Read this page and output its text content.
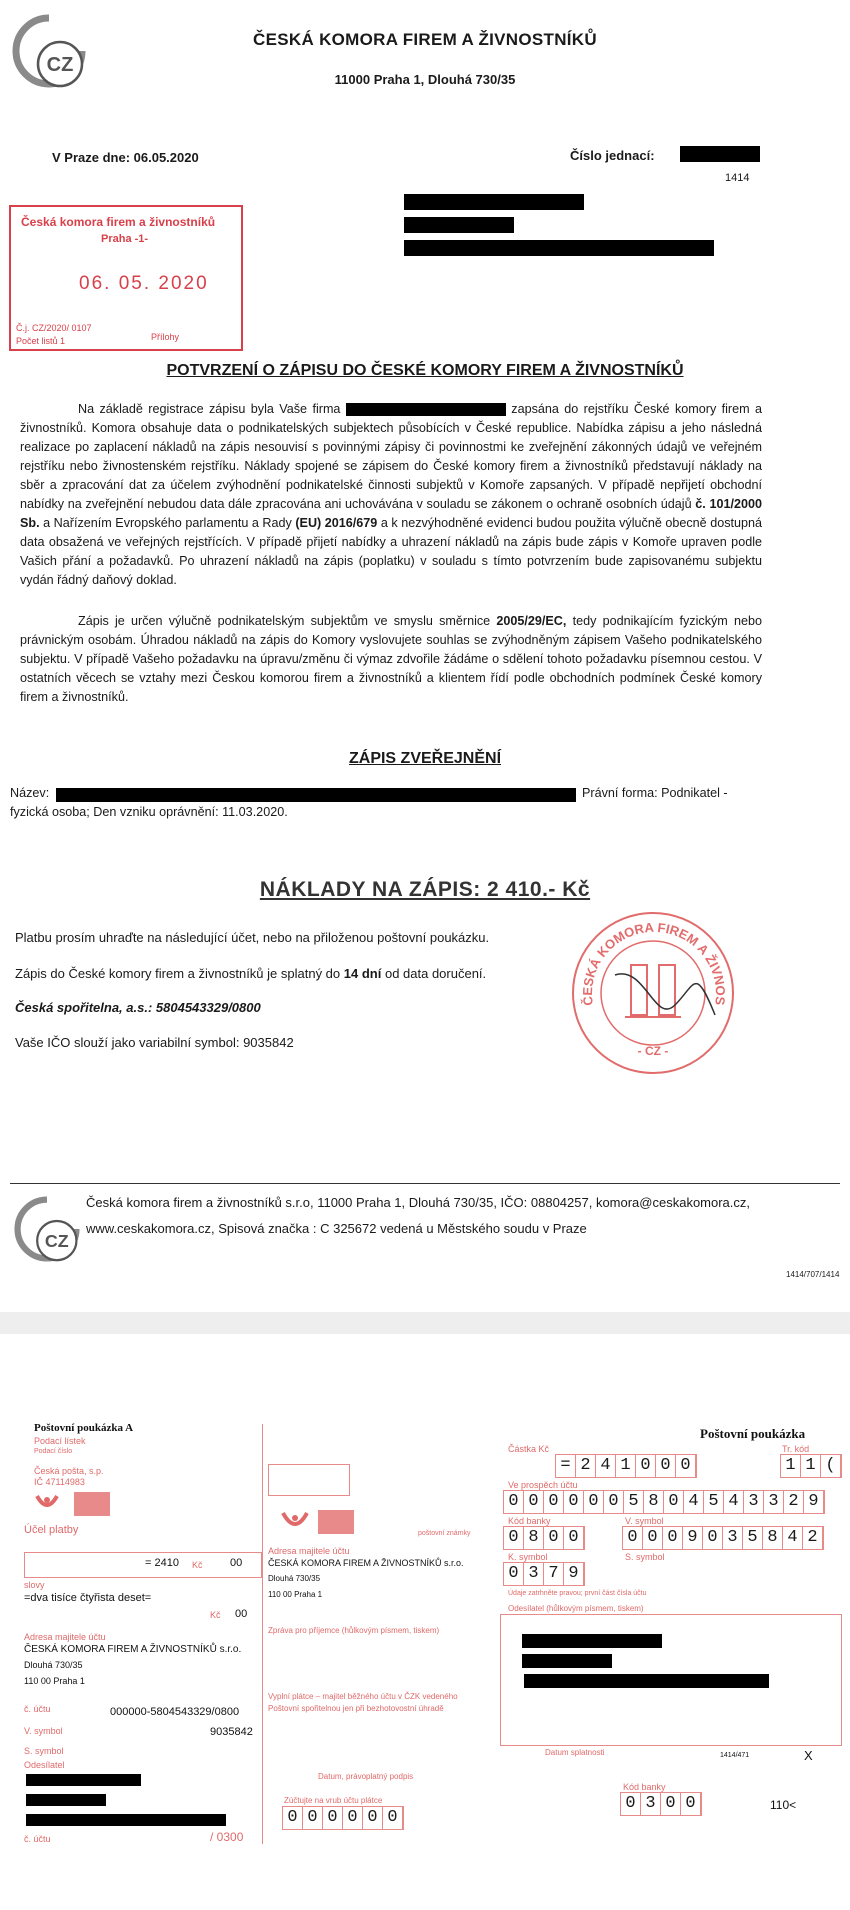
CZ
ČESKÁ KOMORA FIREM A ŽIVNOSTNÍKŮ
11000 Praha 1, Dlouhá 730/35
V Praze dne: 06.05.2020	Číslo jednací:
1414
Česká komora firem a živnostníků
Praha -1-
06. 05. 2020
Č.j. CZ/2020/ 0107
Počet listů 1	Přílohy
POTVRZENÍ O ZÁPISU DO ČESKÉ KOMORY FIREM A ŽIVNOSTNÍKŮ

Na základě registrace zápisu byla Vaše firma	zapsána do rejstříku České komory firem a živnostníků. Komora obsahuje data o podnikatelských subjektech působících v České republice. Nabídka zápisu a jeho následná realizace po zaplacení nákladů na zápis nesouvisí s povinnými zápisy či povinnostmi ke zveřejnění zákonných údajů ve veřejném rejstříku nebo živnostenském rejstříku. Náklady spojené se zápisem do České komory firem a živnostníků představují náklady na sběr a zpracování dat za účelem zvýhodnění podnikatelské činnosti subjektů v Komoře zapsaných. V případě nepřijetí obchodní nabídky na zveřejnění nebudou data dále zpracována ani uchovávána v souladu se zákonem o ochraně osobních údajů č. 101/2000 Sb. a Nařízením Evropského parlamentu a Rady (EU) 2016/679 a k nezvýhodněné evidenci budou použita výlučně obecně dostupná data obsažená ve veřejných rejstřících. V případě přijetí nabídky a uhrazení nákladů na zápis bude zápis v Komoře upraven podle Vašich přání a požadavků. Po uhrazení nákladů na zápis (poplatku) v souladu s tímto potvrzením bude zapisovanému subjektu vydán řádný daňový doklad.

Zápis je určen výlučně podnikatelským subjektům ve smyslu směrnice 2005/29/EC, tedy podnikajícím fyzickým nebo právnickým osobám. Úhradou nákladů na zápis do Komory vyslovujete souhlas se zvýhodněným zápisem Vašeho podnikatelského subjektu. V případě Vašeho požadavku na úpravu/změnu či výmaz zdvořile žádáme o sdělení tohoto požadavku písemnou cestou. V ostatních věcech se vztahy mezi Českou komorou firem a živnostníků a klientem řídí podle obchodních podmínek České komory firem a živnostníků.

ZÁPIS ZVEŘEJNĚNÍ
Název:	Právní forma: Podnikatel -
fyzická osoba; Den vzniku oprávnění: 11.03.2020.
NÁKLADY NA ZÁPIS: 2 410.- Kč
Platbu prosím uhraďte na následující účet, nebo na přiloženou poštovní poukázku.
Zápis do České komory firem a živnostníků je splatný do 14 dní od data doručení.
Česká spořitelna, a.s.: 5804543329/0800
Vaše IČO slouží jako variabilní symbol: 9035842
ČESKÁ KOMORA FIREM A ŽIVNOS
- CZ -
CZ
Česká komora firem a živnostníků s.r.o, 11000 Praha 1, Dlouhá 730/35, IČO: 08804257, komora@ceskakomora.cz, www.ceskakomora.cz, Spisová značka : C 325672 vedená u Městského soudu v Praze
1414/707/1414
Poštovní poukázka A
Podací lístek
Podací číslo
Česká pošta, s.p.
IČ 47114983
Účel platby
= 2410 Kč 00
slovy
=dva tisíce čtyřista deset=
Kč 00
Adresa majitele účtu
ČESKÁ KOMORA FIREM A ŽIVNOSTNÍKŮ s.r.o.
Dlouhá 730/35
110 00 Praha 1
č. účtu	000000-5804543329/0800
V. symbol	9035842
S. symbol
Odesílatel
č. účtu	/ 0300
poštovní známky
Adresa majitele účtu
ČESKÁ KOMORA FIREM A ŽIVNOSTNÍKŮ s.r.o.
Dlouhá 730/35
110 00 Praha 1
Zpráva pro příjemce (hůlkovým písmem, tiskem)
Vyplní plátce – majitel běžného účtu v ČZK vedeného
Poštovní spořitelnou jen při bezhotovostní úhradě
Datum, právoplatný podpis
Zúčtujte na vrub účtu plátce
0 0 0 0 0 0
Poštovní poukázka
Částka Kč	Tr. kód
= 2 4 1 0 0 0	1 1 (
Ve prospěch účtu
0 0 0 0 0 0 5 8 0 4 5 4 3 3 2 9
Kód banky	V. symbol
0 8 0 0	0 0 0 9 0 3 5 8 4 2
K. symbol	S. symbol
0 3 7 9
Údaje zatrhněte pravou; první část čísla účtu
Odesílatel (hůlkovým písmem, tiskem)
Datum splatnosti	1414/471	X
Kód banky
0 3 0 0	110<
